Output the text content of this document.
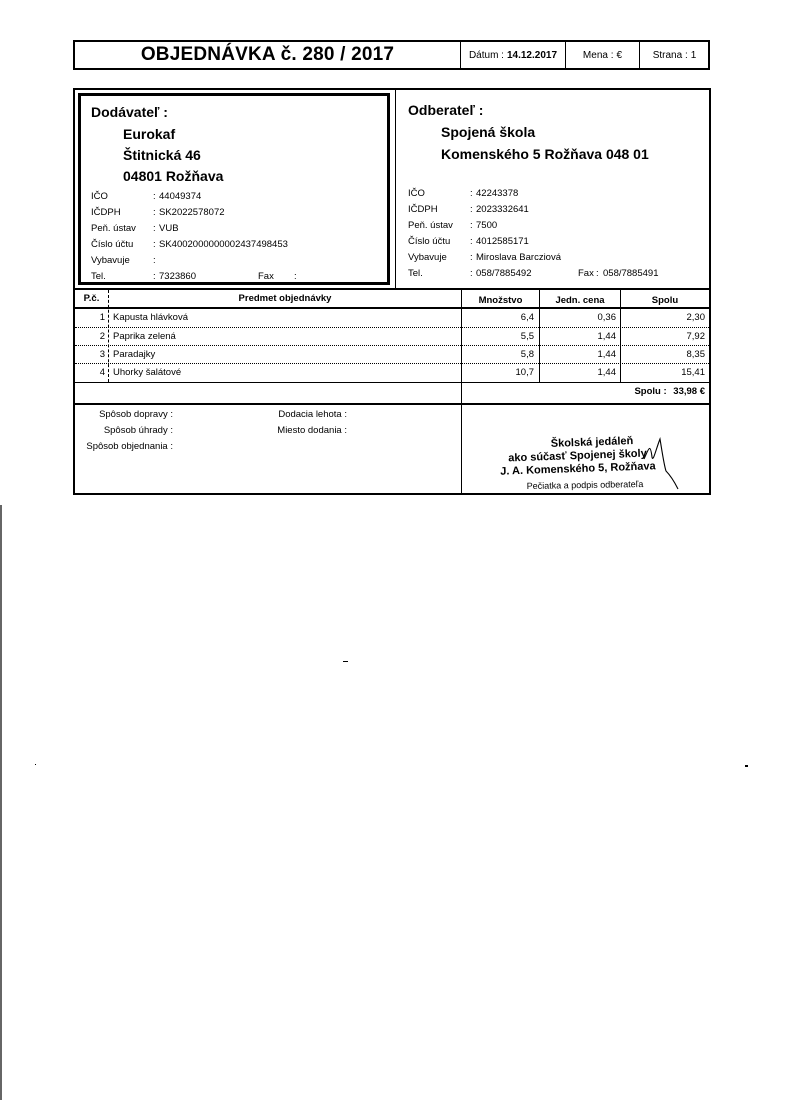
OBJEDNÁVKA č. 280 / 2017	Dátum : 14.12.2017	Mena : €	Strana : 1
Dodávateľ :
Eurokaf
Štitnická 46
04801 Rožňava
IČO	: 44049374
IČDPH	: SK2022578072
Peň. ústav : VUB
Číslo účtu : SK4002000000002437498453
Vybavuje :
Tel.	: 7323860	Fax :
Odberateľ :
Spojená škola
Komenského 5 Rožňava 048 01
IČO	: 42243378
IČDPH	: 2023332641
Peň. ústav : 7500
Číslo účtu : 4012585171
Vybavuje : Miroslava Barcziová
Tel.	: 058/7885492	Fax : 058/7885491
P.č.	Predmet objednávky	Množstvo	Jedn. cena	Spolu
1 Kapusta hlávková	6,4	0,36	2,30
2 Paprika zelená	5,5	1,44	7,92
3 Paradajky	5,8	1,44	8,35
4 Uhorky šalátové	10,7	1,44	15,41
Spolu : 33,98 €
Spôsob dopravy :
Spôsob úhrady :
Spôsob objednania :
Dodacia lehota :
Miesto dodania :
Školská jedáleň
ako súčasť Spojenej školy
J. A. Komenského 5, Rožňava
Pečiatka a podpis odberateľa
